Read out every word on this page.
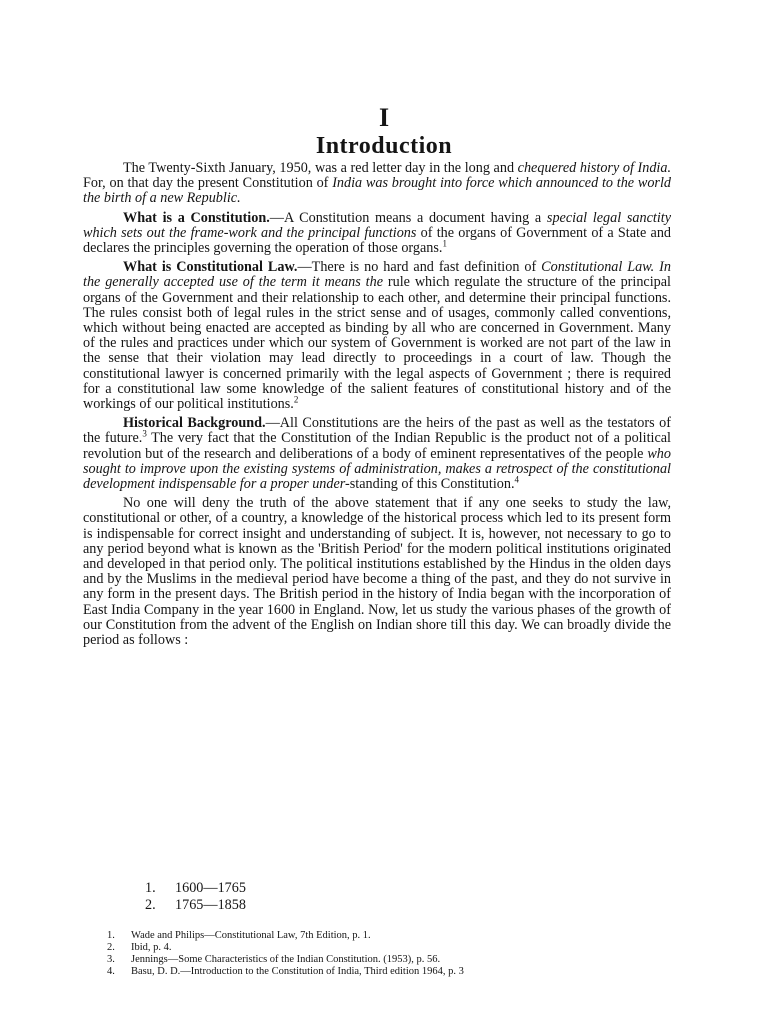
I
Introduction

The Twenty-Sixth January, 1950, was a red letter day in the long and chequered history of India. For, on that day the present Constitution of India was brought into force which announced to the world the birth of a new Republic.

What is a Constitution.—A Constitution means a document having a special legal sanctity which sets out the frame-work and the principal functions of the organs of Government of a State and declares the principles governing the operation of those organs.$^1$

What is Constitutional Law.—There is no hard and fast definition of Constitutional Law. In the generally accepted use of the term it means the rule which regulate the structure of the principal organs of the Government and their relationship to each other, and determine their principal functions. The rules consist both of legal rules in the strict sense and of usages, commonly called conventions, which without being enacted are accepted as binding by all who are concerned in Government. Many of the rules and practices under which our system of Government is worked are not part of the law in the sense that their violation may lead directly to proceedings in a court of law. Though the constitutional lawyer is concerned primarily with the legal aspects of Government ; there is required for a constitutional law some knowledge of the salient features of constitutional history and of the workings of our political institutions.$^2$

Historical Background.—All Constitutions are the heirs of the past as well as the testators of the future.$^3$ The very fact that the Constitution of the Indian Republic is the product not of a political revolution but of the research and deliberations of a body of eminent representatives of the people who sought to improve upon the existing systems of administration, makes a retrospect of the constitutional development indispensable for a proper under-standing of this Constitution.$^4$

No one will deny the truth of the above statement that if any one seeks to study the law, constitutional or other, of a country, a knowledge of the historical process which led to its present form is indispensable for correct insight and understanding of subject. It is, however, not necessary to go to any period beyond what is known as the 'British Period' for the modern political institutions originated and developed in that period only. The political institutions established by the Hindus in the olden days and by the Muslims in the medieval period have become a thing of the past, and they do not survive in any form in the present days. The British period in the history of India began with the incorporation of East India Company in the year 1600 in England. Now, let us study the various phases of the growth of our Constitution from the advent of the English on Indian shore till this day. We can broadly divide the period as follows :

1.	1600—1765
2.	1765—1858
1.	Wade and Philips—Constitutional Law, 7th Edition, p. 1.
2.	Ibid, p. 4.
3.	Jennings—Some Characteristics of the Indian Constitution. (1953), p. 56.
4.	Basu, D. D.—Introduction to the Constitution of India, Third edition 1964, p. 3
